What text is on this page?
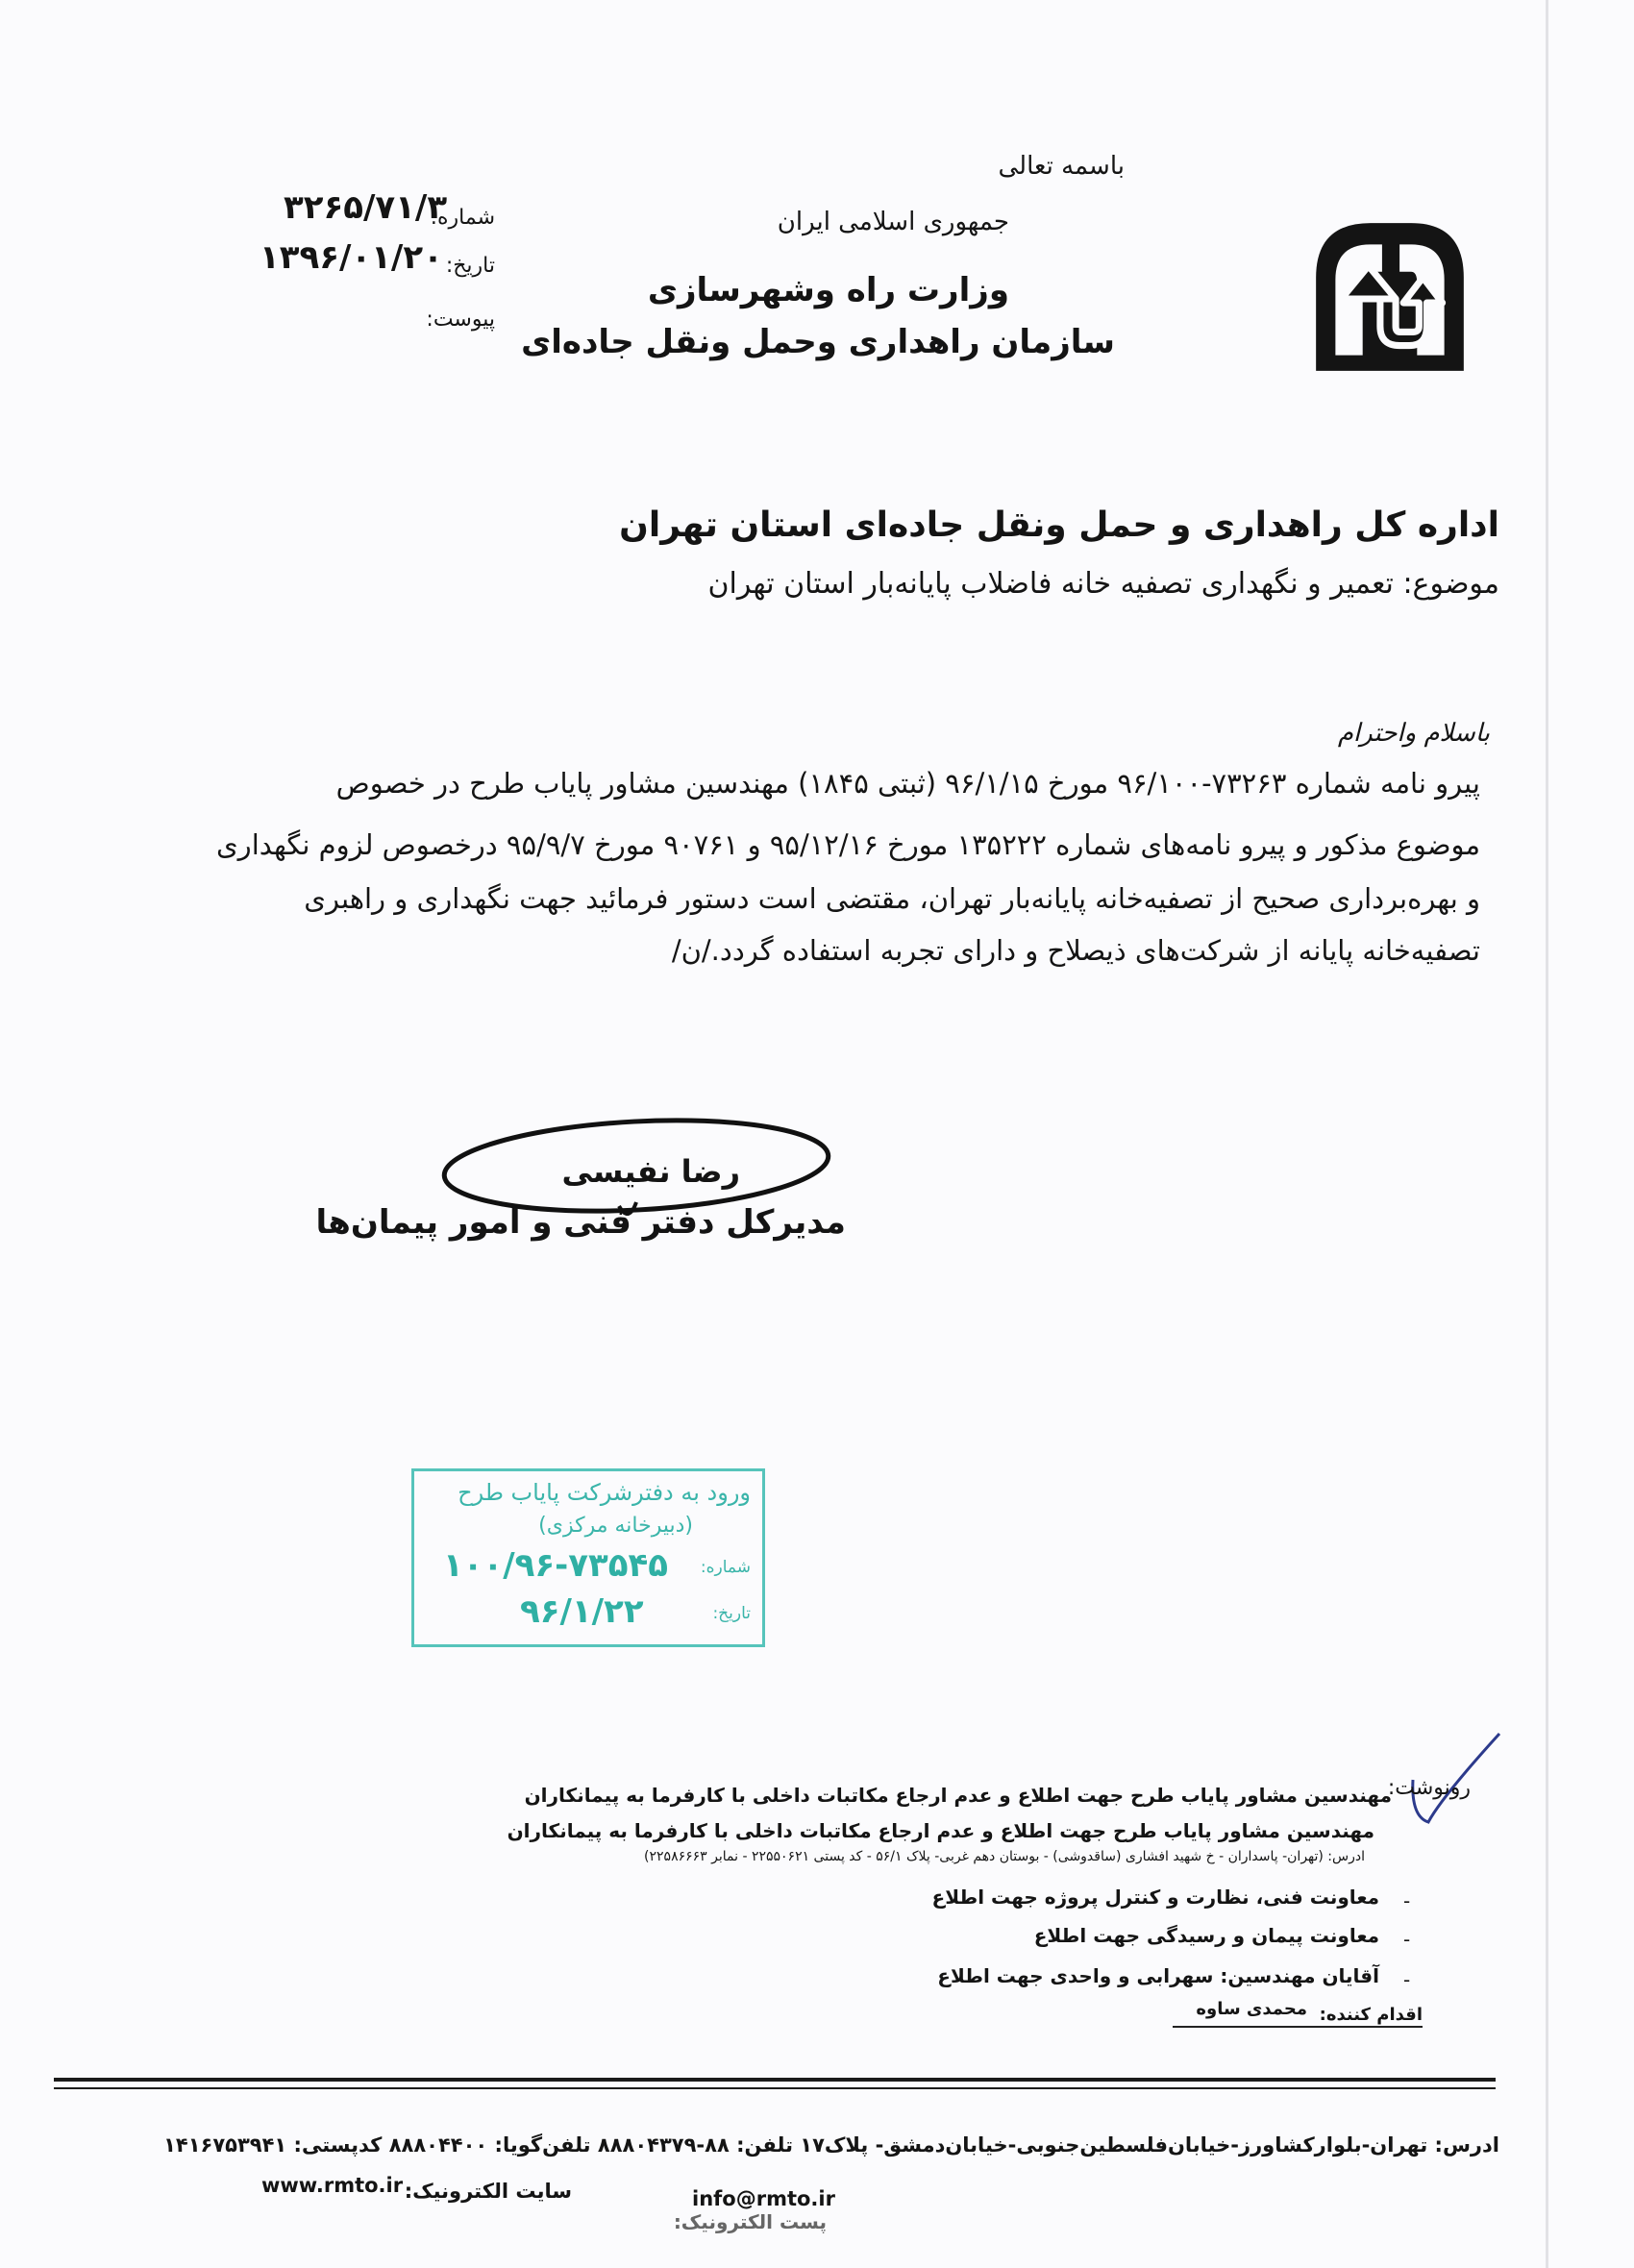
باسمه تعالی
جمهوری اسلامی ایران
وزارت راه وشهرسازی
سازمان راهداری وحمل ونقل جاده‌ای
شماره:
۳۲۶۵/۷۱/۳
تاریخ:
۱۳۹۶/۰۱/۲۰
پیوست:
اداره کل راهداری و حمل ونقل جاده‌ای استان تهران
موضوع: تعمیر و نگهداری تصفیه خانه فاضلاب پایانه‌بار استان تهران
باسلام واحترام
پیرو نامه شماره ۷۳۲۶۳-۹۶/۱۰۰ مورخ ۹۶/۱/۱۵ (ثبتی ۱۸۴۵) مهندسین مشاور پایاب طرح در خصوص
موضوع مذکور و پیرو نامه‌های شماره ۱۳۵۲۲۲ مورخ ۹۵/۱۲/۱۶ و ۹۰۷۶۱ مورخ ۹۵/۹/۷ درخصوص لزوم نگهداری
و بهره‌برداری صحیح از تصفیه‌خانه پایانه‌بار تهران، مقتضی است دستور فرمائید جهت نگهداری و راهبری
تصفیه‌خانه پایانه از شرکت‌های ذیصلاح و دارای تجربه استفاده گردد./ن/
رضا نفیسی
مدیرکل دفتر فنی و امور پیمان‌ها
ورود به دفترشرکت پایاب طرح
(دبیرخانه مرکزی)
شماره:
۱۰۰/۹۶-۷۳۵۴۵
تاریخ:
۹۶/۱/۲۲
رونوشت:
مهندسین مشاور پایاب طرح جهت اطلاع و عدم ارجاع مکاتبات داخلی با کارفرما به پیمانکاران
مهندسین مشاور پایاب طرح جهت اطلاع و عدم ارجاع مکاتبات داخلی با کارفرما به پیمانکاران
ادرس: (تهران- پاسداران - خ شهید افشاری (ساقدوشی) - بوستان دهم غربی- پلاک ۵۶/۱ - کد پستی ۲۲۵۵۰۶۲۱ - نمابر ۲۲۵۸۶۶۶۳)
معاونت فنی، نظارت و کنترل پروژه جهت اطلاع
معاونت پیمان و رسیدگی جهت اطلاع
آقایان مهندسین: سهرابی و واحدی جهت اطلاع
-
-
-
اقدام کننده:
محمدی ساوه
ادرس: تهران-بلوارکشاورز-خیابان‌فلسطین‌جنوبی-خیابان‌دمشق- پلاک۱۷ تلفن: ۸۸-۸۸۸۰۴۳۷۹ تلفن‌گویا: ۸۸۸۰۴۴۰۰ کدپستی: ۱۴۱۶۷۵۳۹۴۱
info@rmto.ir
پست الکترونیک:
سایت الکترونیک:
www.rmto.ir
